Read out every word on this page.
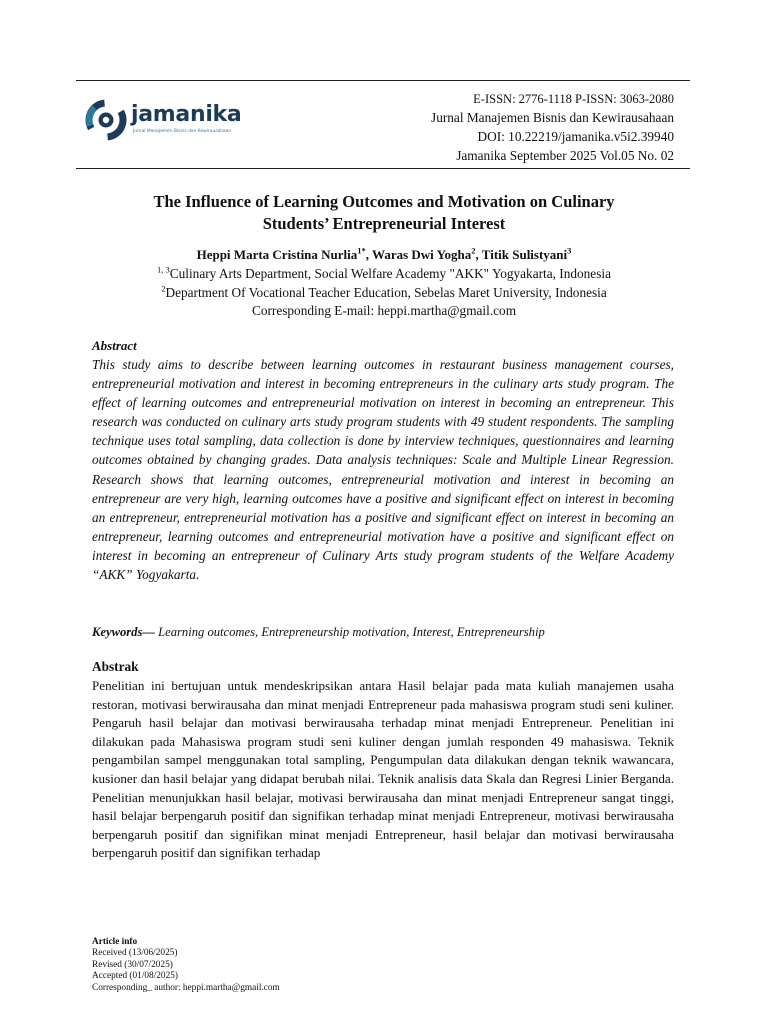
jamanika
Jurnal Manajemen Bisnis dan Kewirausahaan
E-ISSN: 2776-1118 P-ISSN: 3063-2080
Jurnal Manajemen Bisnis dan Kewirausahaan
DOI: 10.22219/jamanika.v5i2.39940
Jamanika September 2025 Vol.05 No. 02
The Influence of Learning Outcomes and Motivation on Culinary
Students’ Entrepreneurial Interest
Heppi Marta Cristina Nurlia$^{1*}$, Waras Dwi Yogha$^2$, Titik Sulistyani$^3$
$^{1, 3}$Culinary Arts Department, Social Welfare Academy "AKK" Yogyakarta, Indonesia
$^2$Department Of Vocational Teacher Education, Sebelas Maret University, Indonesia
Corresponding E-mail: heppi.martha@gmail.com
Abstract

This study aims to describe between learning outcomes in restaurant business management courses, entrepreneurial motivation and interest in becoming entrepreneurs in the culinary arts study program. The effect of learning outcomes and entrepreneurial motivation on interest in becoming an entrepreneur. This research was conducted on culinary arts study program students with 49 student respondents. The sampling technique uses total sampling, data collection is done by interview techniques, questionnaires and learning outcomes obtained by changing grades. Data analysis techniques: Scale and Multiple Linear Regression. Research shows that learning outcomes, entrepreneurial motivation and interest in becoming an entrepreneur are very high, learning outcomes have a positive and significant effect on interest in becoming an entrepreneur, entrepreneurial motivation has a positive and significant effect on interest in becoming an entrepreneur, learning outcomes and entrepreneurial motivation have a positive and significant effect on interest in becoming an entrepreneur of Culinary Arts study program students of the Welfare Academy “AKK” Yogyakarta.

Keywords— Learning outcomes, Entrepreneurship motivation, Interest, Entrepreneurship
Abstrak

Penelitian ini bertujuan untuk mendeskripsikan antara Hasil belajar pada mata kuliah manajemen usaha restoran, motivasi berwirausaha dan minat menjadi Entrepreneur pada mahasiswa program studi seni kuliner. Pengaruh hasil belajar dan motivasi berwirausaha terhadap minat menjadi Entrepreneur. Penelitian ini dilakukan pada Mahasiswa program studi seni kuliner dengan jumlah responden 49 mahasiswa. Teknik pengambilan sampel menggunakan total sampling, Pengumpulan data dilakukan dengan teknik wawancara, kusioner dan hasil belajar yang didapat berubah nilai. Teknik analisis data Skala dan Regresi Linier Berganda. Penelitian menunjukkan hasil belajar, motivasi berwirausaha dan minat menjadi Entrepreneur sangat tinggi, hasil belajar berpengaruh positif dan signifikan terhadap minat menjadi Entrepreneur, motivasi berwirausaha berpengaruh positif dan signifikan minat menjadi Entrepreneur, hasil belajar dan motivasi berwirausaha berpengaruh positif dan signifikan terhadap

Article info
Received (13/06/2025)
Revised (30/07/2025)
Accepted (01/08/2025)
Corresponding_ author: heppi.martha@gmail.com
